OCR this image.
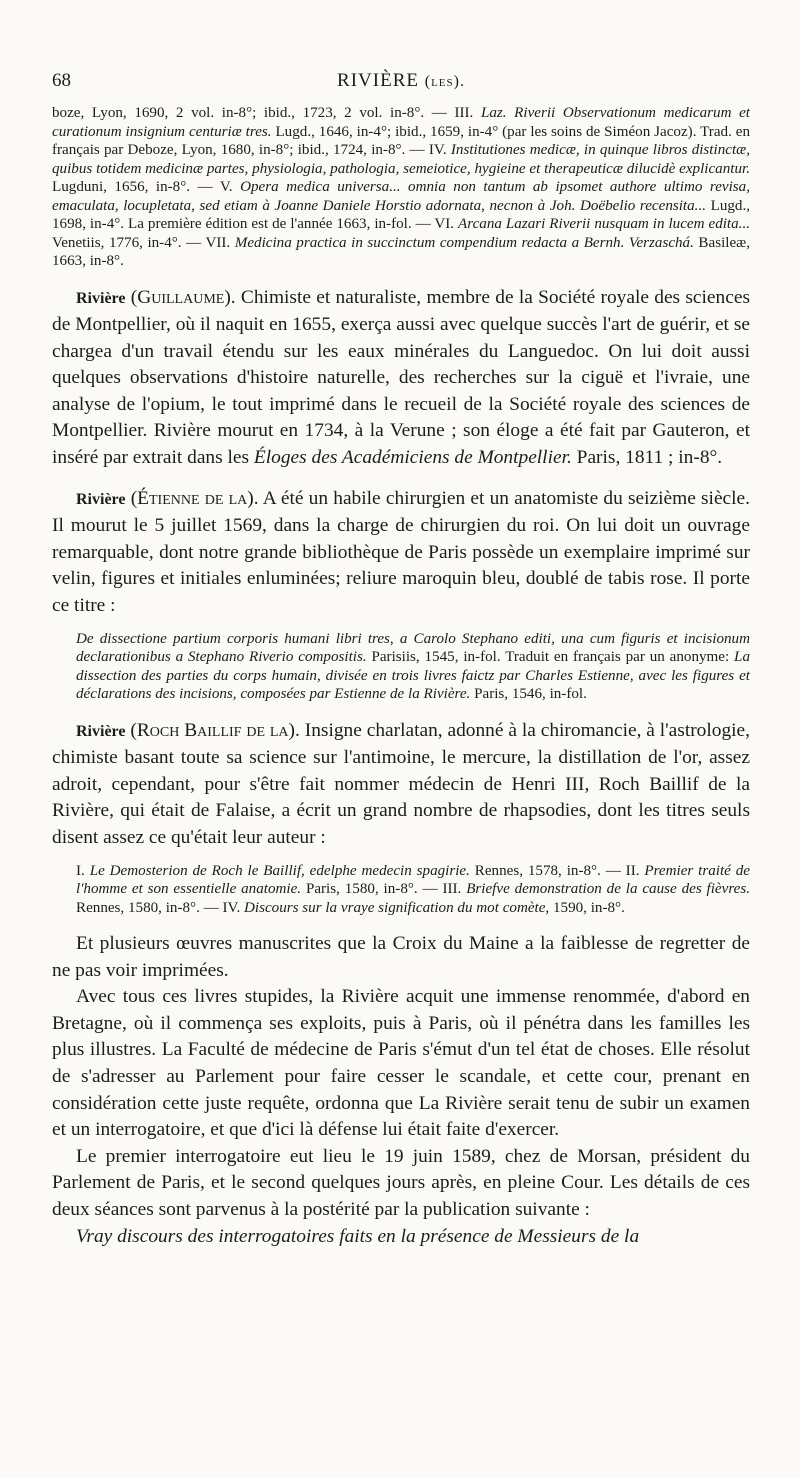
68	RIVIÈRE (les).

boze, Lyon, 1690, 2 vol. in-8°; ibid., 1723, 2 vol. in-8°. — III. Laz. Riverii Observationum medicarum et curationum insignium centuriæ tres. Lugd., 1646, in-4°; ibid., 1659, in-4° (par les soins de Siméon Jacoz). Trad. en français par Deboze, Lyon, 1680, in-8°; ibid., 1724, in-8°. — IV. Institutiones medicæ, in quinque libros distinctæ, quibus totidem medicinæ partes, physiologia, pathologia, semeiotice, hygieine et therapeuticæ dilucidè explicantur. Lugduni, 1656, in-8°. — V. Opera medica universa... omnia non tantum ab ipsomet authore ultimo revisa, emaculata, locupletata, sed etiam à Joanne Daniele Horstio adornata, necnon à Joh. Doëbelio recensita... Lugd., 1698, in-4°. La première édition est de l'année 1663, in-fol. — VI. Arcana Lazari Riverii nusquam in lucem edita... Venetiis, 1776, in-4°. — VII. Medicina practica in succinctum compendium redacta a Bernh. Verzaschá. Basileæ, 1663, in-8°.

Rivière (Guillaume). Chimiste et naturaliste, membre de la Société royale des sciences de Montpellier, où il naquit en 1655, exerça aussi avec quelque succès l'art de guérir, et se chargea d'un travail étendu sur les eaux minérales du Languedoc. On lui doit aussi quelques observations d'histoire naturelle, des recherches sur la ciguë et l'ivraie, une analyse de l'opium, le tout imprimé dans le recueil de la Société royale des sciences de Montpellier. Rivière mourut en 1734, à la Verune ; son éloge a été fait par Gauteron, et inséré par extrait dans les Éloges des Académiciens de Montpellier. Paris, 1811 ; in-8°.

Rivière (Étienne de la). A été un habile chirurgien et un anatomiste du seizième siècle. Il mourut le 5 juillet 1569, dans la charge de chirurgien du roi. On lui doit un ouvrage remarquable, dont notre grande bibliothèque de Paris possède un exemplaire imprimé sur velin, figures et initiales enluminées; reliure maroquin bleu, doublé de tabis rose. Il porte ce titre :

De dissectione partium corporis humani libri tres, a Carolo Stephano editi, una cum figuris et incisionum declarationibus a Stephano Riverio compositis. Parisiis, 1545, in-fol. Traduit en français par un anonyme: La dissection des parties du corps humain, divisée en trois livres faictz par Charles Estienne, avec les figures et déclarations des incisions, composées par Estienne de la Rivière. Paris, 1546, in-fol.

Rivière (Roch Baillif de la). Insigne charlatan, adonné à la chiromancie, à l'astrologie, chimiste basant toute sa science sur l'antimoine, le mercure, la distillation de l'or, assez adroit, cependant, pour s'être fait nommer médecin de Henri III, Roch Baillif de la Rivière, qui était de Falaise, a écrit un grand nombre de rhapsodies, dont les titres seuls disent assez ce qu'était leur auteur :

I. Le Demosterion de Roch le Baillif, edelphe medecin spagirie. Rennes, 1578, in-8°. — II. Premier traité de l'homme et son essentielle anatomie. Paris, 1580, in-8°. — III. Briefve demonstration de la cause des fièvres. Rennes, 1580, in-8°. — IV. Discours sur la vraye signification du mot comète, 1590, in-8°.

Et plusieurs œuvres manuscrites que la Croix du Maine a la faiblesse de regretter de ne pas voir imprimées.

Avec tous ces livres stupides, la Rivière acquit une immense renommée, d'abord en Bretagne, où il commença ses exploits, puis à Paris, où il pénétra dans les familles les plus illustres. La Faculté de médecine de Paris s'émut d'un tel état de choses. Elle résolut de s'adresser au Parlement pour faire cesser le scandale, et cette cour, prenant en considération cette juste requête, ordonna que La Rivière serait tenu de subir un examen et un interrogatoire, et que d'ici là défense lui était faite d'exercer.

Le premier interrogatoire eut lieu le 19 juin 1589, chez de Morsan, président du Parlement de Paris, et le second quelques jours après, en pleine Cour. Les détails de ces deux séances sont parvenus à la postérité par la publication suivante :

Vray discours des interrogatoires faits en la présence de Messieurs de la
